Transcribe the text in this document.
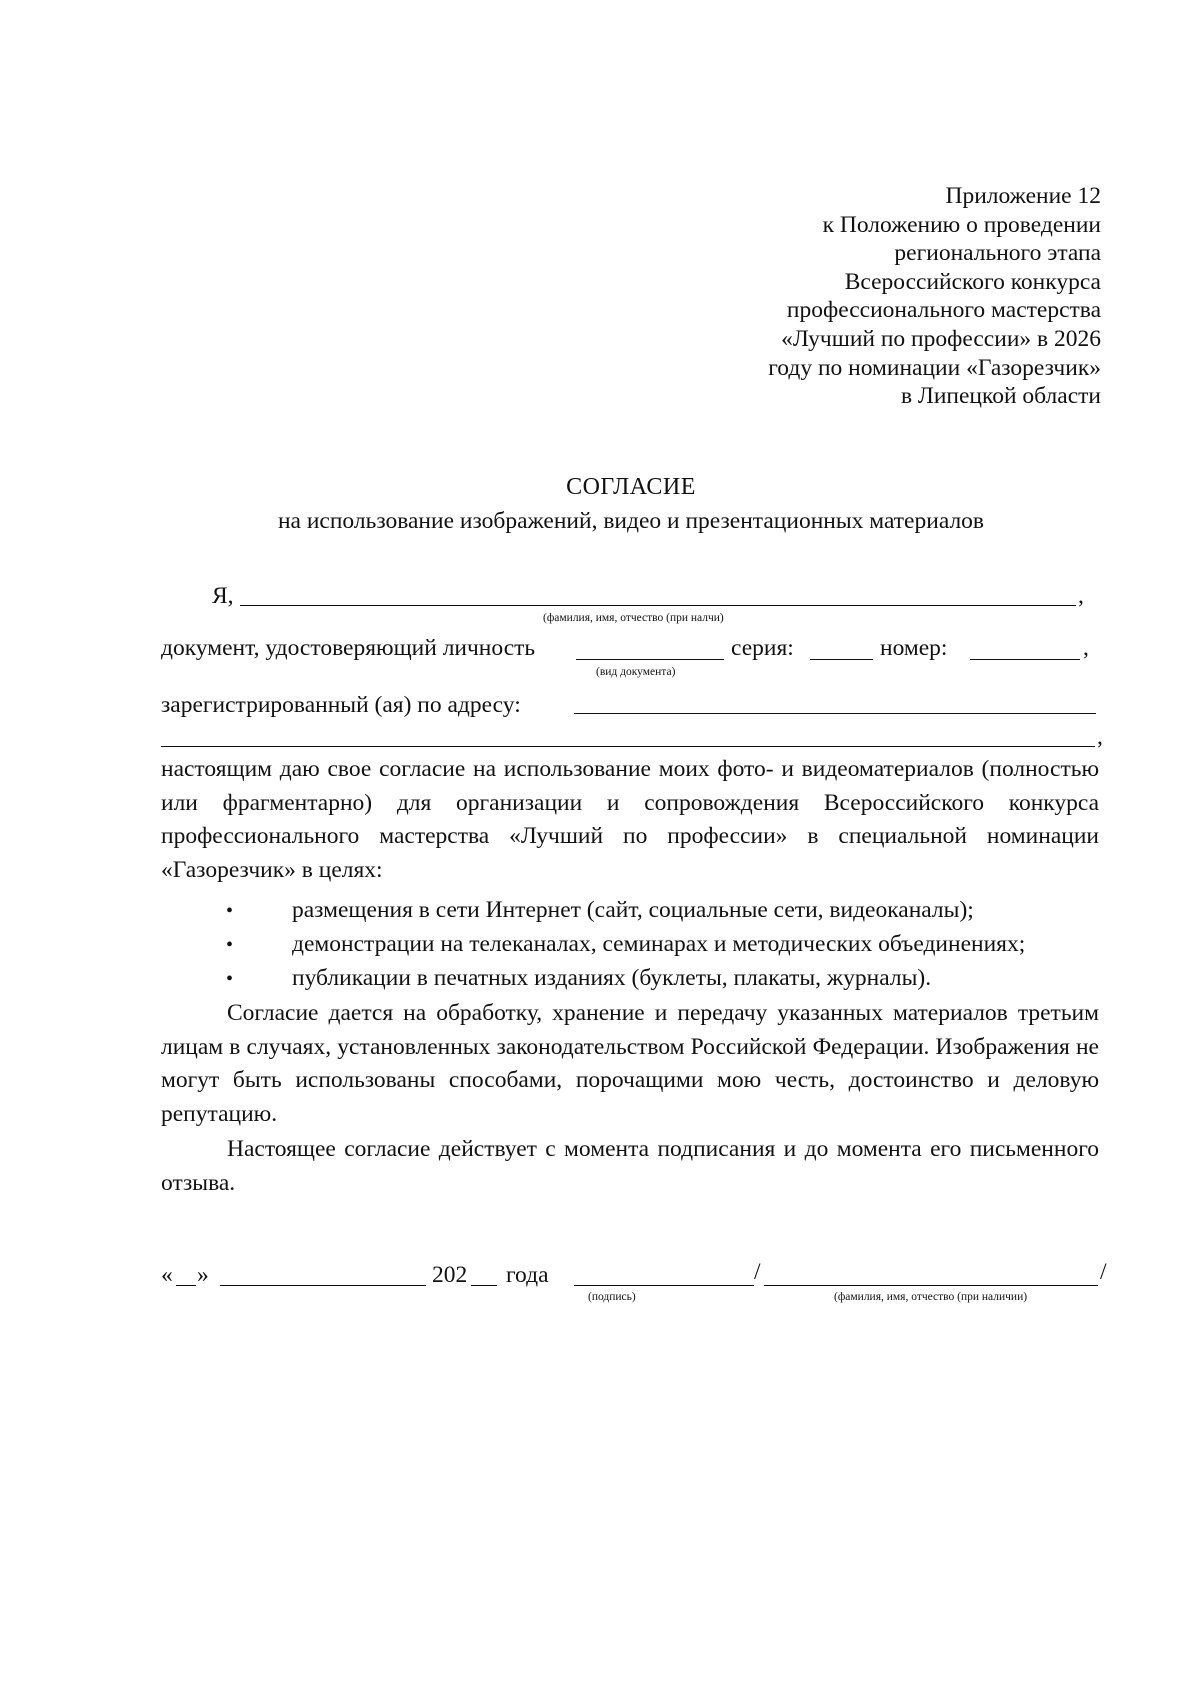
Приложение 12
к Положению о проведении
регионального этапа
Всероссийского конкурса
профессионального мастерства
«Лучший по профессии» в 2026
году по номинации «Газорезчик»
в Липецкой области
СОГЛАСИЕ
на использование изображений, видео и презентационных материалов
Я,	,
(фамилия, имя, отчество (при налчи)
документ, удостоверяющий личность	серия:	номер:	,
(вид документа)
зарегистрированный (ая) по адресу:
,
настоящим даю свое согласие на использование моих фото- и видеоматериалов (полностью или фрагментарно) для организации и сопровождения Всероссийского конкурса профессионального мастерства «Лучший по профессии» в специальной номинации «Газорезчик» в целях:
•	размещения в сети Интернет (сайт, социальные сети, видеоканалы);
•	демонстрации на телеканалах, семинарах и методических объединениях;
•	публикации в печатных изданиях (буклеты, плакаты, журналы).
Согласие дается на обработку, хранение и передачу указанных материалов третьим лицам в случаях, установленных законодательством Российской Федерации. Изображения не могут быть использованы способами, порочащими мою честь, достоинство и деловую репутацию.
Настоящее согласие действует с момента подписания и до момента его письменного отзыва.
« »	202 года	/	/
(подпись)	(фамилия, имя, отчество (при наличии)
